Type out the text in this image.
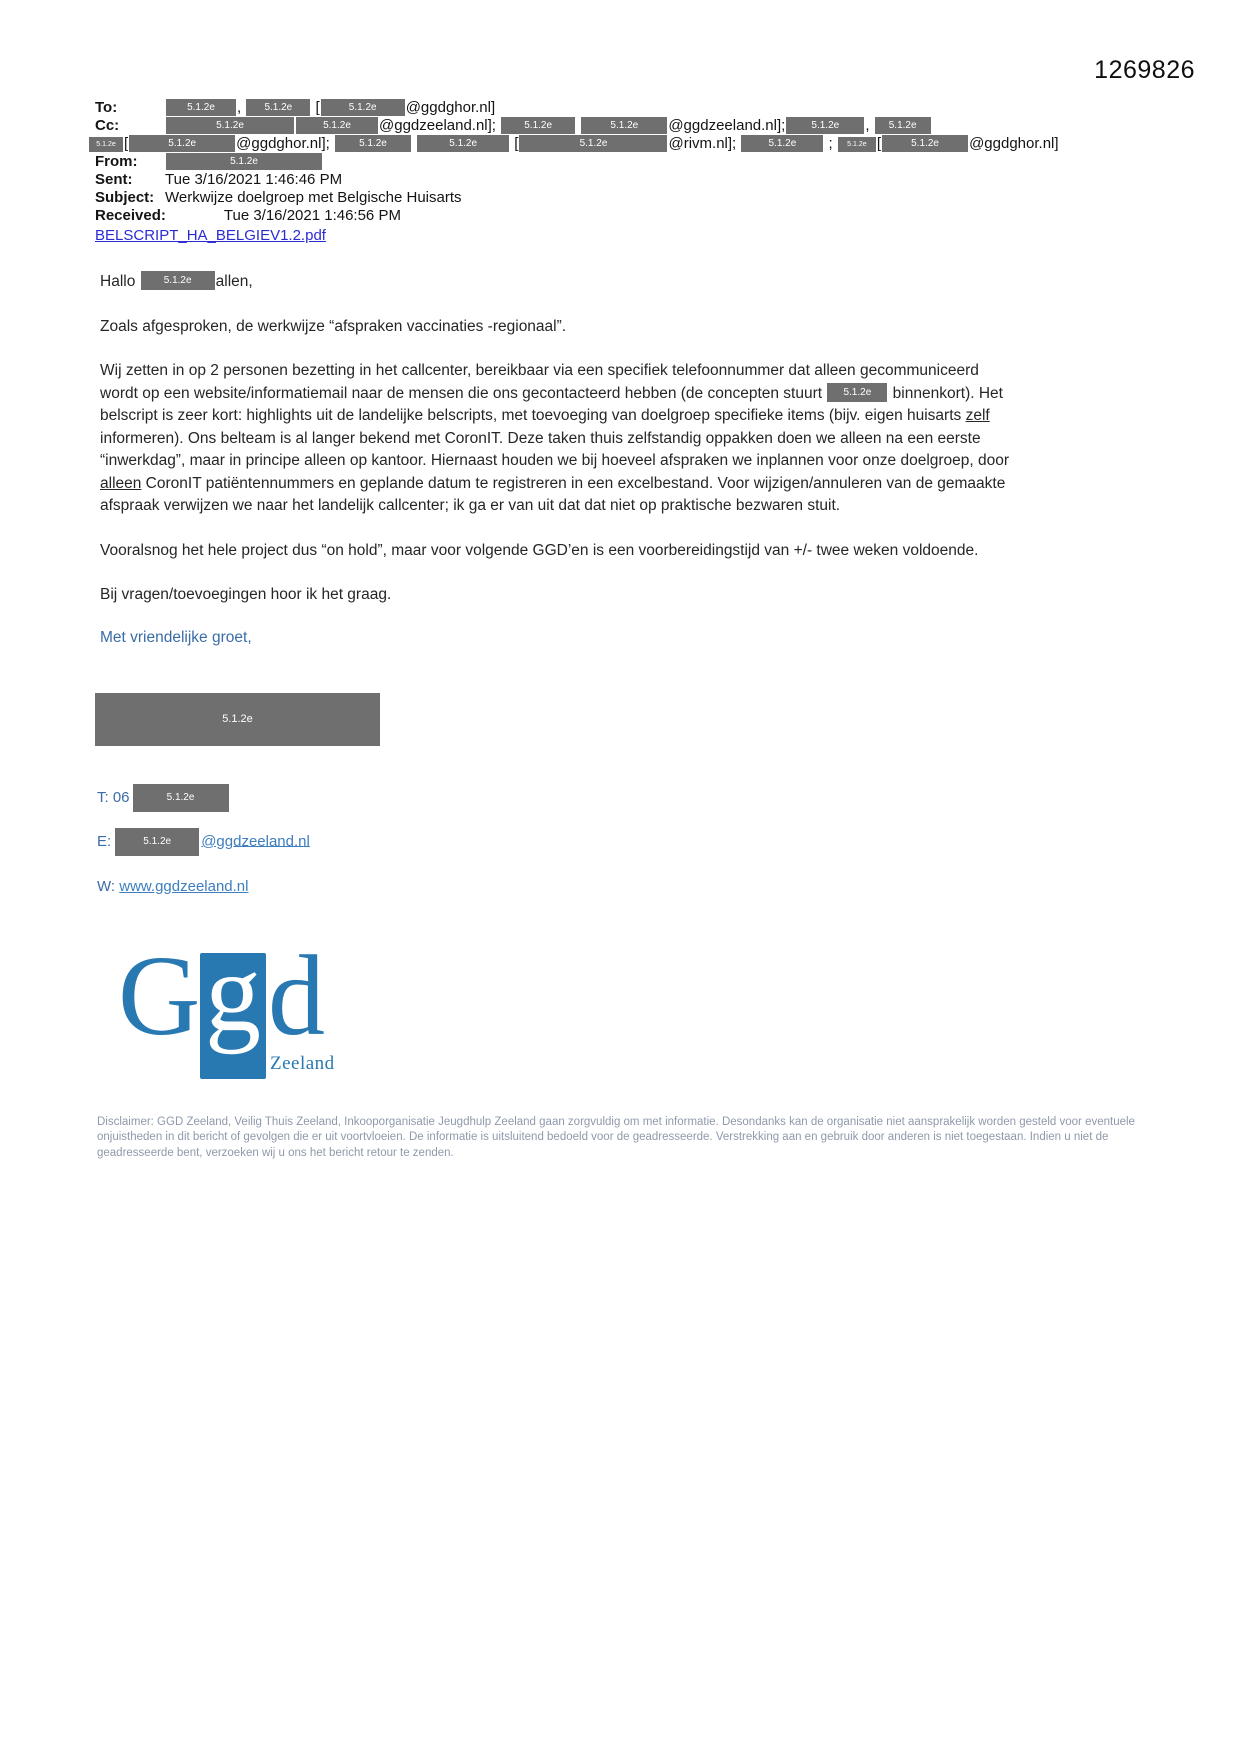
1269826
To:	5.1.2e , 5.1.2e [	5.1.2e @ggdghor.nl]
Cc:	5.1.2e	5.1.2e @ggdzeeland.nl]; 5.1.2e	5.1.2e @ggdzeeland.nl];	5.1.2e , 5.1.2e
5.1.2e [	5.1.2e	@ggdghor.nl];	5.1.2e	5.1.2e [	5.1.2e	@rivm.nl];	5.1.2e ; 5.1.2e [	5.1.2e @ggdghor.nl]
From:	5.1.2e
Sent: Tue 3/16/2021 1:46:46 PM
Subject: Werkwijze doelgroep met Belgische Huisarts
Received:	Tue 3/16/2021 1:46:56 PM
BELSCRIPT_HA_BELGIEV1.2.pdf

Hallo 5.1.2e allen,

Zoals afgesproken, de werkwijze “afspraken vaccinaties -regionaal”.

Wij zetten in op 2 personen bezetting in het callcenter, bereikbaar via een specifiek telefoonnummer dat alleen gecommuniceerd wordt op een website/informatiemail naar de mensen die ons gecontacteerd hebben (de concepten stuurt 5.1.2e binnenkort). Het belscript is zeer kort: highlights uit de landelijke belscripts, met toevoeging van doelgroep specifieke items (bijv. eigen huisarts zelf informeren). Ons belteam is al langer bekend met CoronIT. Deze taken thuis zelfstandig oppakken doen we alleen na een eerste “inwerkdag”, maar in principe alleen op kantoor. Hiernaast houden we bij hoeveel afspraken we inplannen voor onze doelgroep, door alleen CoronIT patiëntennummers en geplande datum te registreren in een excelbestand. Voor wijzigen/annuleren van de gemaakte afspraak verwijzen we naar het landelijk callcenter; ik ga er van uit dat dat niet op praktische bezwaren stuit.

Vooralsnog het hele project dus “on hold”, maar voor volgende GGD’en is een voorbereidingstijd van +/- twee weken voldoende.

Bij vragen/toevoegingen hoor ik het graag.

Met vriendelijke groet,
5.1.2e
T: 06	5.1.2e
E:	5.1.2e @ggdzeeland.nl
W: www.ggdzeeland.nl
G g d
Zeeland
Disclaimer: GGD Zeeland, Veilig Thuis Zeeland, Inkooporganisatie Jeugdhulp Zeeland gaan zorgvuldig om met informatie. Desondanks kan de organisatie niet aansprakelijk worden gesteld voor eventuele onjuistheden in dit bericht of gevolgen die er uit voortvloeien. De informatie is uitsluitend bedoeld voor de geadresseerde. Verstrekking aan en gebruik door anderen is niet toegestaan. Indien u niet de geadresseerde bent, verzoeken wij u ons het bericht retour te zenden.
